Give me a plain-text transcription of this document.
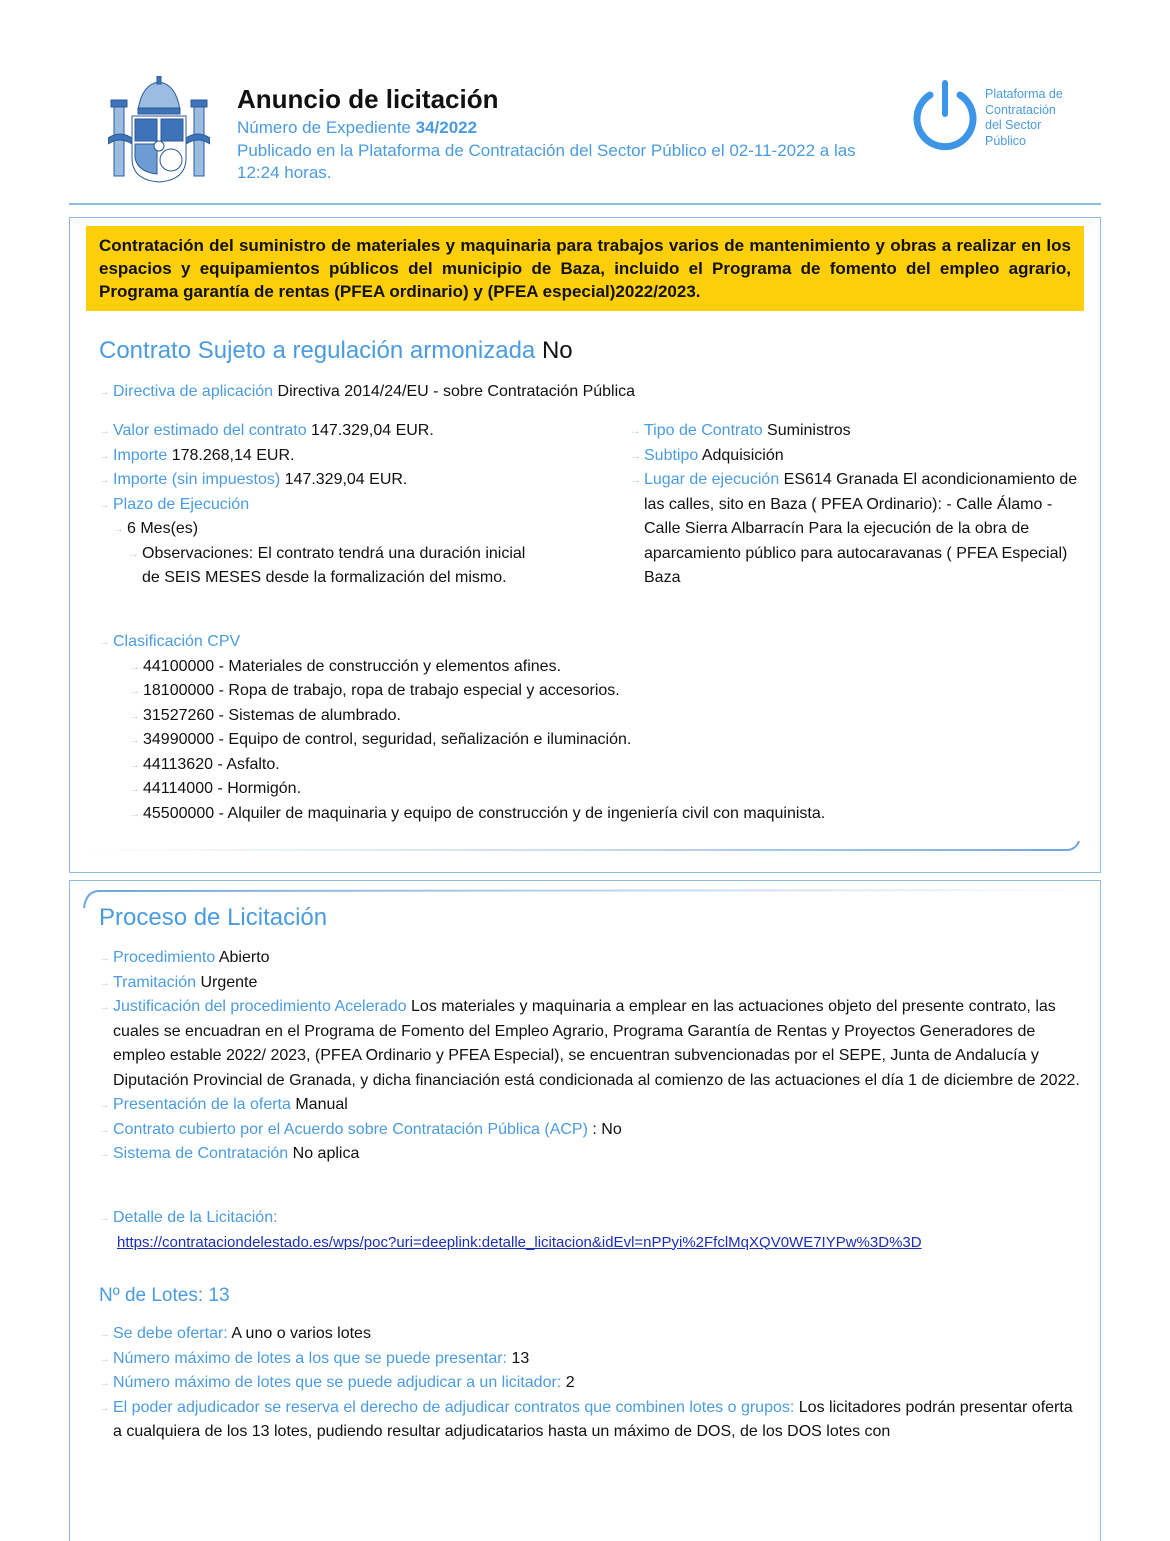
Anuncio de licitación
Número de Expediente 34/2022
Publicado en la Plataforma de Contratación del Sector Público el 02-11-2022 a las 12:24 horas.
Plataforma de
Contratación
del Sector
Público
Contratación del suministro de materiales y maquinaria para trabajos varios de mantenimiento y obras a realizar en los espacios y equipamientos públicos del municipio de Baza, incluido el Programa de fomento del empleo agrario, Programa garantía de rentas (PFEA ordinario) y (PFEA especial)2022/2023.
Contrato Sujeto a regulación armonizada No
→ Directiva de aplicación Directiva 2014/24/EU - sobre Contratación Pública
→ Valor estimado del contrato 147.329,04 EUR.
→ Importe 178.268,14 EUR.
→ Importe (sin impuestos) 147.329,04 EUR.
→ Plazo de Ejecución
→ 6 Mes(es)
→ Observaciones: El contrato tendrá una duración inicial de SEIS MESES desde la formalización del mismo.
→ Tipo de Contrato Suministros
→ Subtipo Adquisición
→ Lugar de ejecución ES614 Granada El acondicionamiento de las calles, sito en Baza ( PFEA Ordinario): - Calle Álamo - Calle Sierra Albarracín Para la ejecución de la obra de aparcamiento público para autocaravanas ( PFEA Especial) Baza
→ Clasificación CPV
→ 44100000 - Materiales de construcción y elementos afines.
→ 18100000 - Ropa de trabajo, ropa de trabajo especial y accesorios.
→ 31527260 - Sistemas de alumbrado.
→ 34990000 - Equipo de control, seguridad, señalización e iluminación.
→ 44113620 - Asfalto.
→ 44114000 - Hormigón.
→ 45500000 - Alquiler de maquinaria y equipo de construcción y de ingeniería civil con maquinista.
Proceso de Licitación
→ Procedimiento Abierto
→ Tramitación Urgente
→ Justificación del procedimiento Acelerado Los materiales y maquinaria a emplear en las actuaciones objeto del presente contrato, las cuales se encuadran en el Programa de Fomento del Empleo Agrario, Programa Garantía de Rentas y Proyectos Generadores de empleo estable 2022/ 2023, (PFEA Ordinario y PFEA Especial), se encuentran subvencionadas por el SEPE, Junta de Andalucía y Diputación Provincial de Granada, y dicha financiación está condicionada al comienzo de las actuaciones el día 1 de diciembre de 2022.
→ Presentación de la oferta Manual
→ Contrato cubierto por el Acuerdo sobre Contratación Pública (ACP) : No
→ Sistema de Contratación No aplica
→ Detalle de la Licitación:
https://contrataciondelestado.es/wps/poc?uri=deeplink:detalle_licitacion&idEvl=nPPyi%2FfclMqXQV0WE7IYPw%3D%3D
Nº de Lotes: 13
→ Se debe ofertar: A uno o varios lotes
→ Número máximo de lotes a los que se puede presentar: 13
→ Número máximo de lotes que se puede adjudicar a un licitador: 2
→ El poder adjudicador se reserva el derecho de adjudicar contratos que combinen lotes o grupos: Los licitadores podrán presentar oferta a cualquiera de los 13 lotes, pudiendo resultar adjudicatarios hasta un máximo de DOS, de los DOS lotes con
